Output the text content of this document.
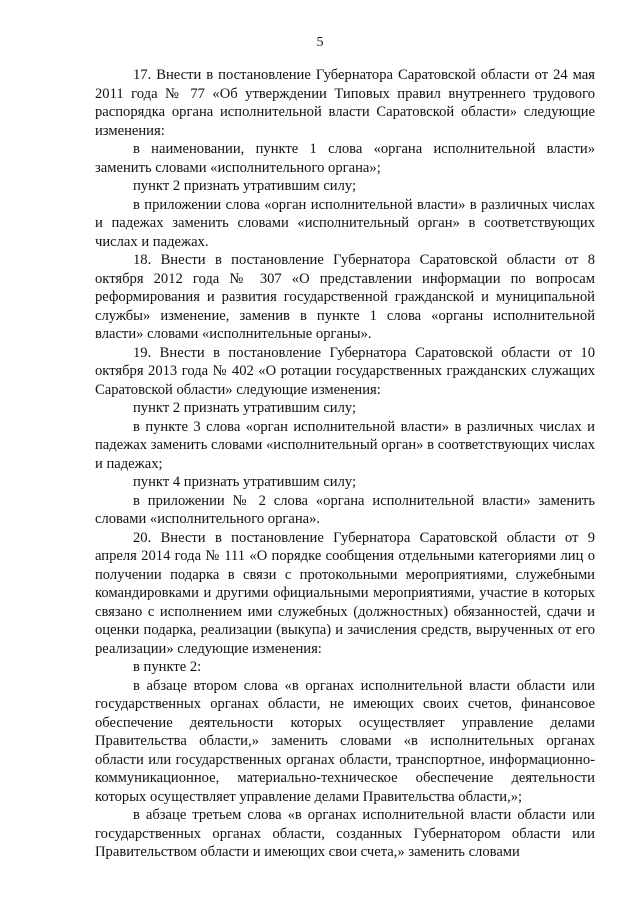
5

17. Внести в постановление Губернатора Саратовской области от 24 мая 2011 года № 77 «Об утверждении Типовых правил внутреннего трудового распорядка органа исполнительной власти Саратовской области» следующие изменения:

в наименовании, пункте 1 слова «органа исполнительной власти» заменить словами «исполнительного органа»;

пункт 2 признать утратившим силу;

в приложении слова «орган исполнительной власти» в различных числах и падежах заменить словами «исполнительный орган» в соответствующих числах и падежах.

18. Внести в постановление Губернатора Саратовской области от 8 октября 2012 года № 307 «О представлении информации по вопросам реформирования и развития государственной гражданской и муниципальной службы» изменение, заменив в пункте 1 слова «органы исполнительной власти» словами «исполнительные органы».

19. Внести в постановление Губернатора Саратовской области от 10 октября 2013 года № 402 «О ротации государственных гражданских служащих Саратовской области» следующие изменения:

пункт 2 признать утратившим силу;

в пункте 3 слова «орган исполнительной власти» в различных числах и падежах заменить словами «исполнительный орган» в соответствующих числах и падежах;

пункт 4 признать утратившим силу;

в приложении № 2 слова «органа исполнительной власти» заменить словами «исполнительного органа».

20. Внести в постановление Губернатора Саратовской области от 9 апреля 2014 года № 111 «О порядке сообщения отдельными категориями лиц о получении подарка в связи с протокольными мероприятиями, служебными командировками и другими официальными мероприятиями, участие в которых связано с исполнением ими служебных (должностных) обязанностей, сдачи и оценки подарка, реализации (выкупа) и зачисления средств, вырученных от его реализации» следующие изменения:

в пункте 2:

в абзаце втором слова «в органах исполнительной власти области или государственных органах области, не имеющих своих счетов, финансовое обеспечение деятельности которых осуществляет управление делами Правительства области,» заменить словами «в исполнительных органах области или государственных органах области, транспортное, информационно-коммуникационное, материально-техническое обеспечение деятельности которых осуществляет управление делами Правительства области,»;

в абзаце третьем слова «в органах исполнительной власти области или государственных органах области, созданных Губернатором области или Правительством области и имеющих свои счета,» заменить словами
